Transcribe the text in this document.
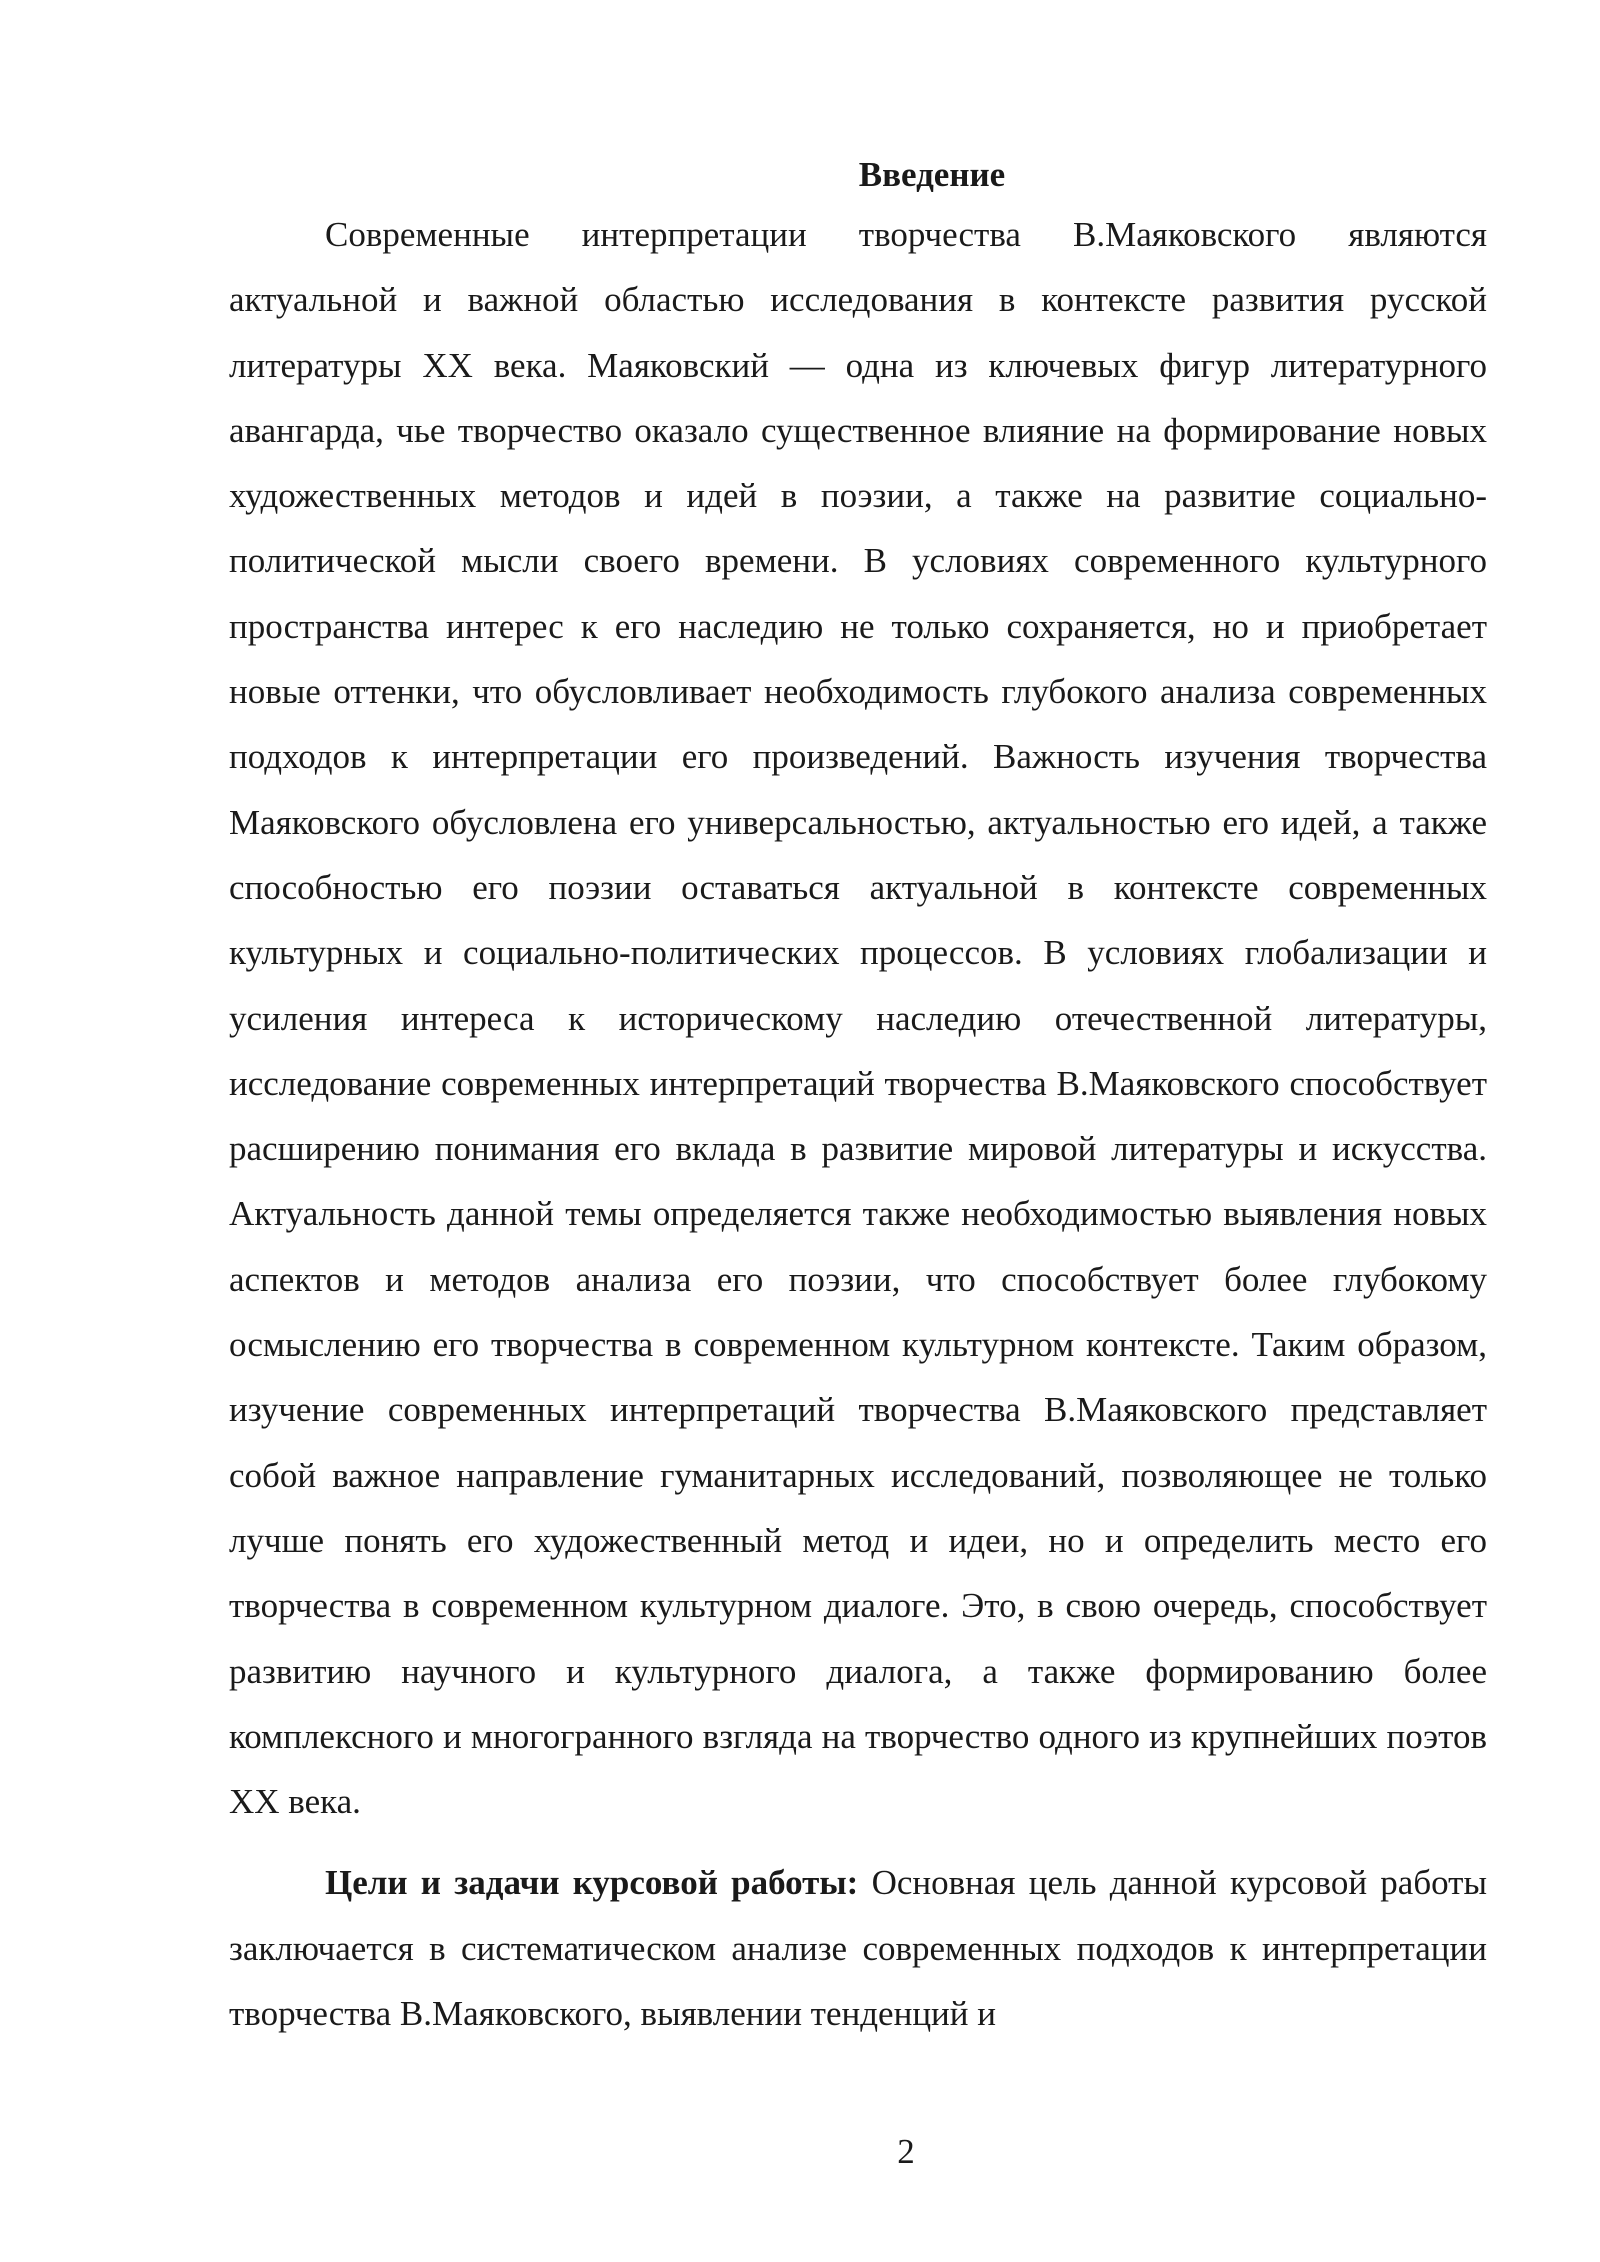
Введение

Современные интерпретации творчества В.Маяковского являются актуальной и важной областью исследования в контексте развития русской литературы XX века. Маяковский — одна из ключевых фигур литературного авангарда, чье творчество оказало существенное влияние на формирование новых художественных методов и идей в поэзии, а также на развитие социально-политической мысли своего времени. В условиях современного культурного пространства интерес к его наследию не только сохраняется, но и приобретает новые оттенки, что обусловливает необходимость глубокого анализа современных подходов к интерпретации его произведений. Важность изучения творчества Маяковского обусловлена его универсальностью, актуальностью его идей, а также способностью его поэзии оставаться актуальной в контексте современных культурных и социально-политических процессов. В условиях глобализации и усиления интереса к историческому наследию отечественной литературы, исследование современных интерпретаций творчества В.Маяковского способствует расширению понимания его вклада в развитие мировой литературы и искусства. Актуальность данной темы определяется также необходимостью выявления новых аспектов и методов анализа его поэзии, что способствует более глубокому осмыслению его творчества в современном культурном контексте. Таким образом, изучение современных интерпретаций творчества В.Маяковского представляет собой важное направление гуманитарных исследований, позволяющее не только лучше понять его художественный метод и идеи, но и определить место его творчества в современном культурном диалоге. Это, в свою очередь, способствует развитию научного и культурного диалога, а также формированию более комплексного и многогранного взгляда на творчество одного из крупнейших поэтов XX века.

Цели и задачи курсовой работы: Основная цель данной курсовой работы заключается в систематическом анализе современных подходов к интерпретации творчества В.Маяковского, выявлении тенденций и

2
